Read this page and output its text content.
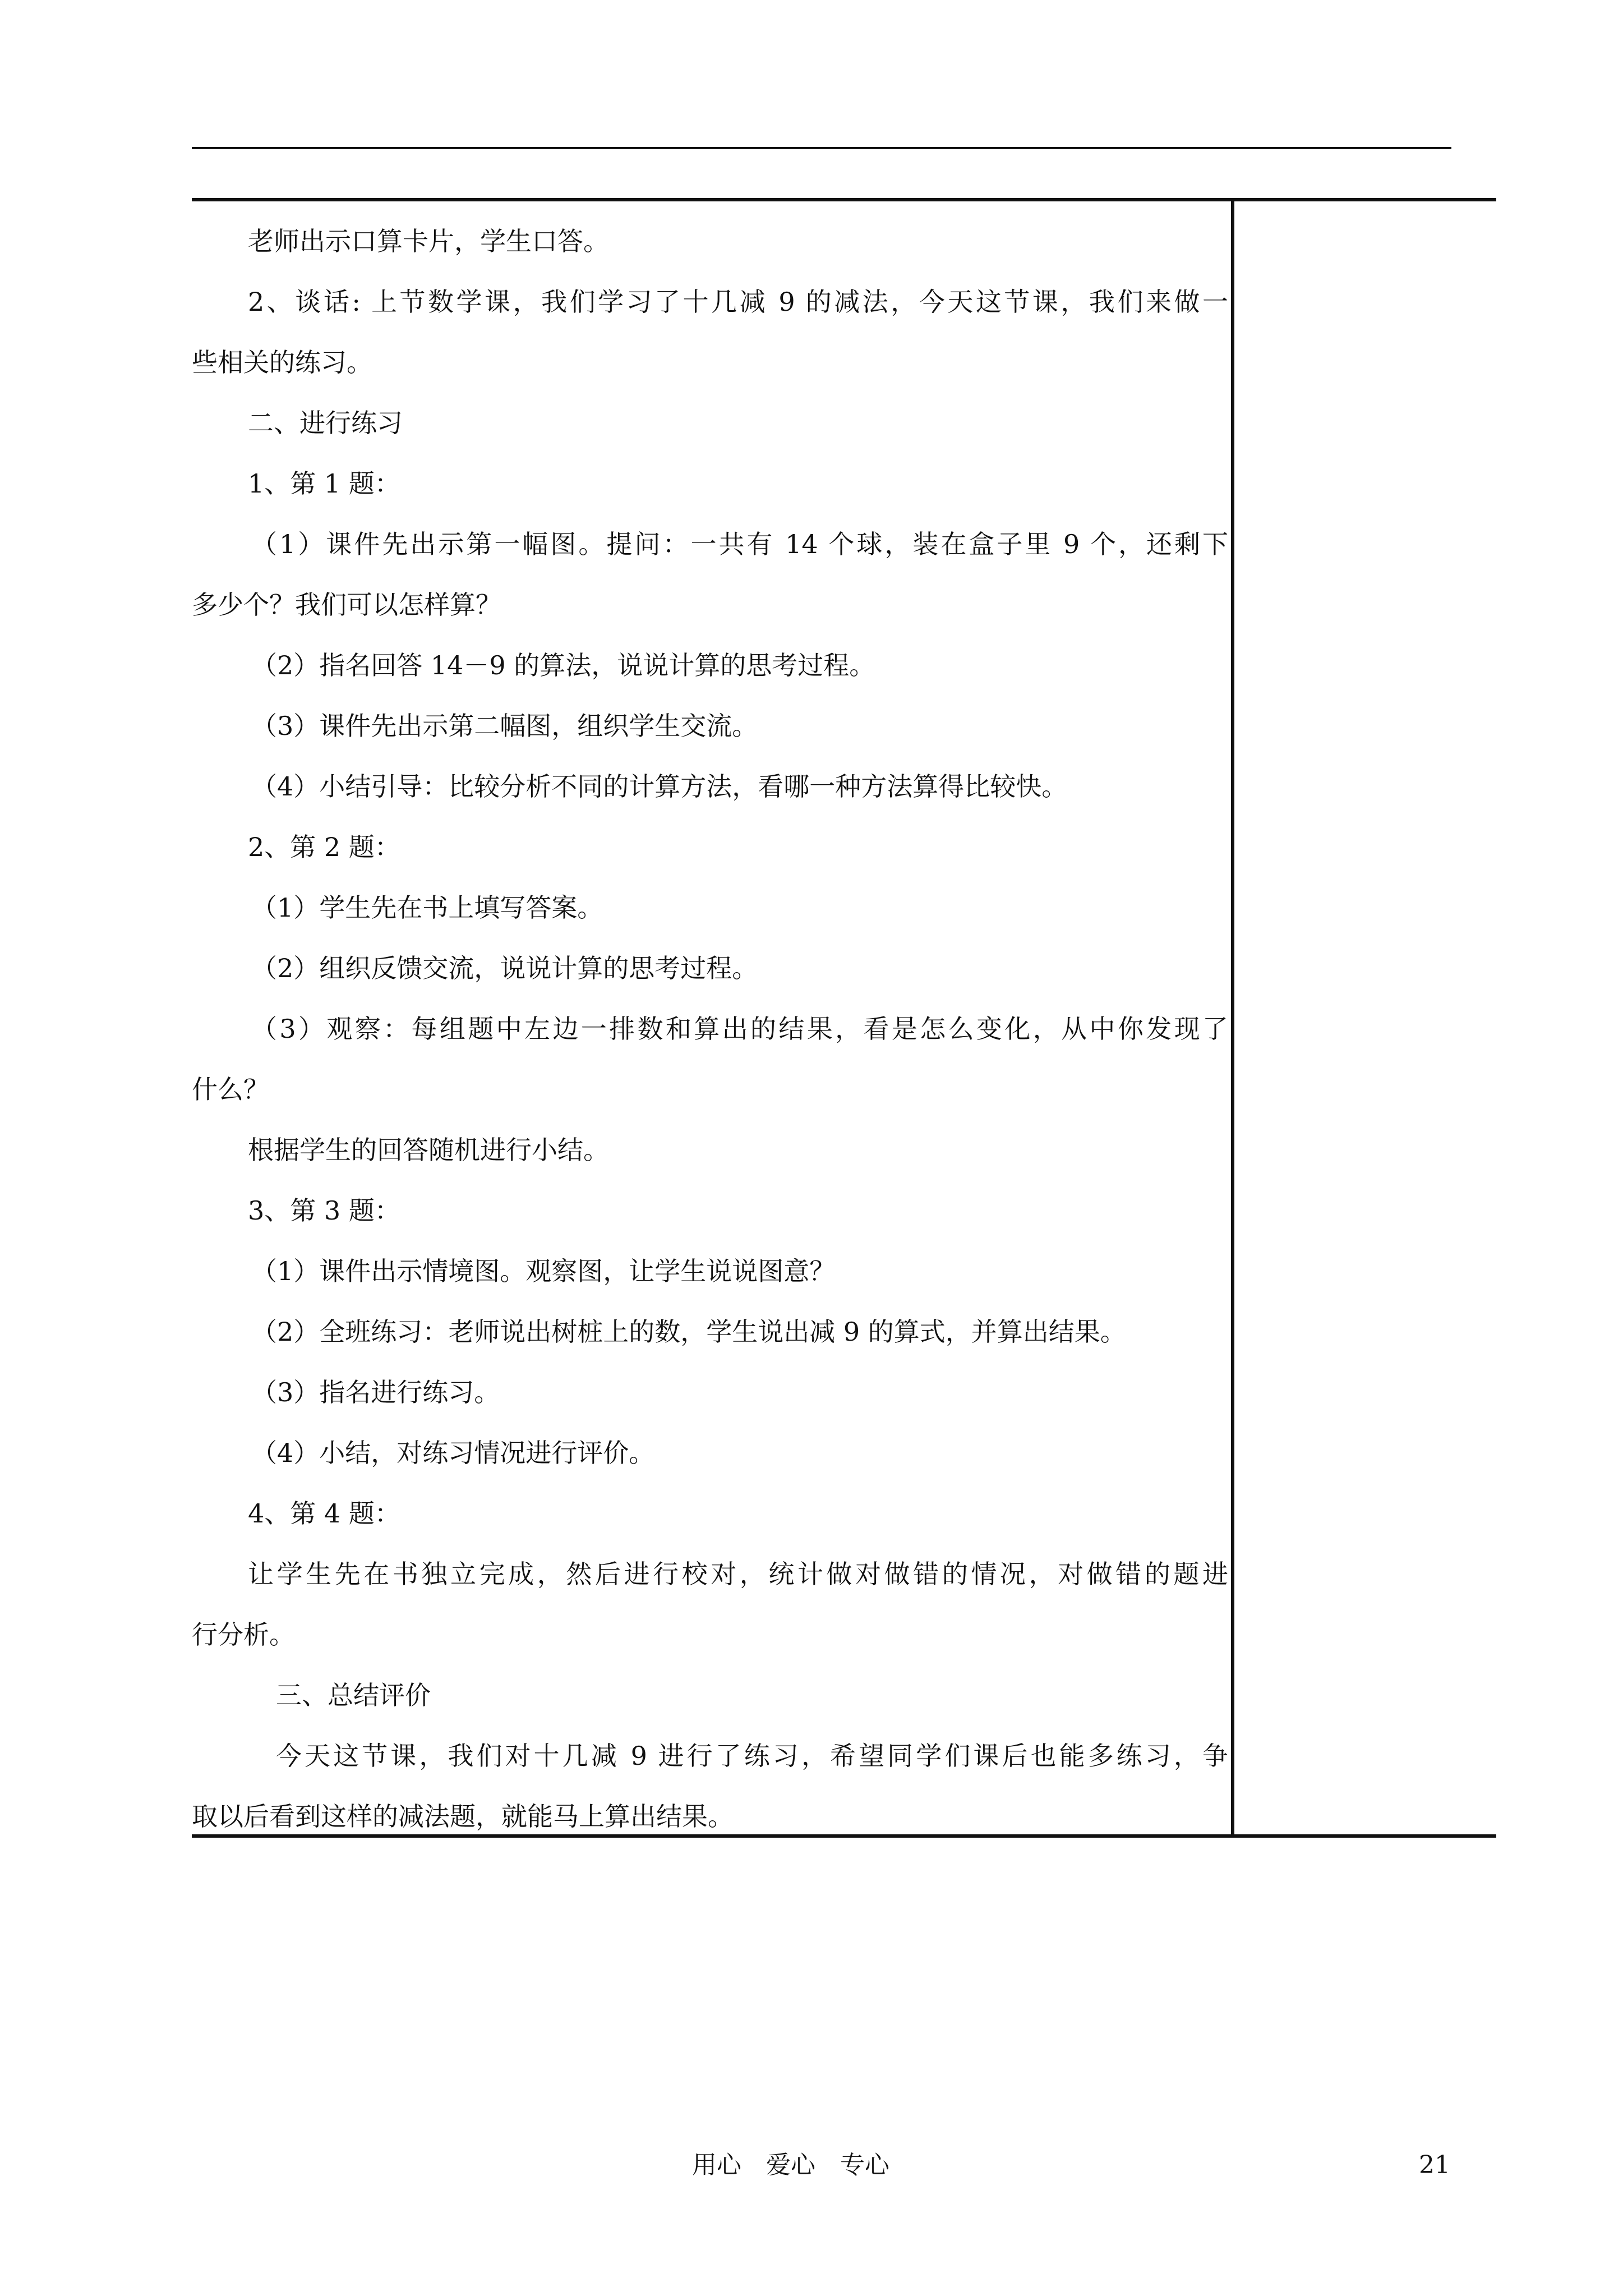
老师出示口算卡片，学生口答。
2、谈话: 上节数学课，我们学习了十几减 9 的减法，今天这节课，我们来做一
些相关的练习。
二、进行练习
1、第 1 题：
（1）课件先出示第一幅图。提问：一共有 14 个球，装在盒子里 9 个，还剩下
多少个？我们可以怎样算？
（2）指名回答 14－9 的算法，说说计算的思考过程。
（3）课件先出示第二幅图，组织学生交流。
（4）小结引导：比较分析不同的计算方法，看哪一种方法算得比较快。
2、第 2 题：
（1）学生先在书上填写答案。
（2）组织反馈交流，说说计算的思考过程。
（3）观察：每组题中左边一排数和算出的结果，看是怎么变化，从中你发现了
什么？
根据学生的回答随机进行小结。
3、第 3 题：
（1）课件出示情境图。观察图，让学生说说图意？
（2）全班练习：老师说出树桩上的数，学生说出减 9 的算式，并算出结果。
（3）指名进行练习。
（4）小结，对练习情况进行评价。
4、第 4 题：
让学生先在书独立完成，然后进行校对，统计做对做错的情况，对做错的题进
行分析。
三、总结评价
今天这节课，我们对十几减 9 进行了练习，希望同学们课后也能多练习，争
取以后看到这样的减法题，就能马上算出结果。
用心　爱心　专心	21
